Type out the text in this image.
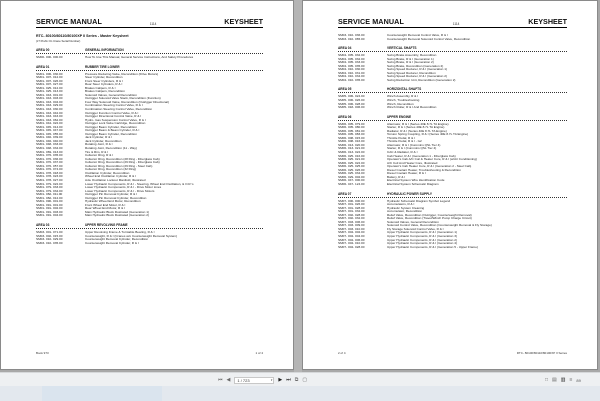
SERVICE MANUAL	1114	KEYSHEET
RTC- 80100/80110/80100XP II Series - Master Keysheet
(J7 Prefix On Crane Serial Number)
AREA 00	GENERAL INFORMATION
SM00- 000- 000.00	How To Use This Manual, General Service Instructions, And Safety Procedures
AREA 01	RUBBER TIRE LOWER
SM01- 006- 030.00	Pressure Reducing Valve, Recondition (Drive Motors)
SM01- 007- 012.00	Steer Cylinder, Recondition
SM01- 007- 026.00	Front Steer Cylinders, R & I
SM01- 007- 027.00	Rear Steer Cylinders, R & I
SM01- 025- 012.00	Brakes Calipers, R & I
SM01- 025- 013.00	Brakes Calipers, Recondition
SM01- 043- 001.00	Solenoid Valves, General Recondition
SM01- 043- 003.00	Outrigger Solenoid Valve Stack, Recondition (Function)
SM01- 043- 004.00	Four Way Solenoid Valve, Recondition (Outrigger Directional)
SM01- 043- 029.00	Combination Steering Control Valve, R & I
SM01- 043- 030.00	Combination Steering Control Valve, Recondition
SM01- 043- 042.00	Outrigger Function Control Valve, R & I
SM01- 043- 043.00	Outrigger Directional Control Valve, R & I
SM01- 043- 062.00	Hydro- Gas Suspension Control Valve, R & I
SM01- 044- 022.00	Outrigger Lock Valve Cartridge, Recondition
SM01- 045- 014.00	Outrigger Beam Cylinder, Recondition
SM01- 045- 047.00	Outrigger Beam & Beam Cylinder, R & I
SM01- 045- 055.00	Outrigger Beam Cylinder, Recondition
SM01- 046- 039.00	Jack Cylinder, R & I
SM01- 046- 040.00	Jack Cylinder, Recondition
SM01- 048- 033.00	Rotating Joint, R & I
SM01- 048- 034.00	Rotating Joint, Recondition (11 - Way)
SM01- 069- 013.00	Tire & Rim, R & I
SM01- 076- 035.00	Collector Ring, R & I
SM01- 076- 036.00	Collector Ring, Recondition (28 Ring - Fiberglass Cab)
SM01- 076- 037.00	Collector Ring, Recondition (29 Ring - Fiberglass Cab)
SM01- 076- 057.00	Collector Ring, Recondition (29 Ring - Steel Cab)
SM01- 076- 074.00	Collector Ring, Recondition (32 Ring)
SM01- 078- 018.00	Oscillation Cylinder, Recondition
SM01- 078- 023.00	Wheel End Oscillation Cylinder, R & I
SM01- 078- 027.00	Axle Oscillation Lockout Manifold, Illustrated
SM01- 079- 022.00	Lower Hydraulic Components, R & I - Steering, Wheel End Oscillation, & O.R.'s
SM01- 079- 033.00	Lower Hydraulic Components, R & I - Drive Motor Lines
SM01- 079- 034.00	Lower Hydraulic Components, R & I - Drive Motors
SM01- 082- 011.00	Outrigger Pin Removal Cylinder, R & I
SM01- 082- 012.00	Outrigger Pin Removal Cylinder, Recondition
SM01- 090- 001.00	Hydraulic Wheel End Motor, Recondition
SM01- 091- 001.00	Front Wheel End Motor, R & I
SM01- 091- 002.00	Rear Wheel End Motor, R & I
SM01- 091- 003.00	Main Hydraulic Block Illustrated (Generation 1)
SM01- 091- 004.00	Main Hydraulic Block Illustrated (Generation 2)
AREA 03	UPPER REVOLVING FRAME
SM03- 001- 071.00	Upper Revolving Frame & Turntable Bearing, R & I
SM03- 002- 015.00	Counterweight, R & I (Cranes w/o Counterweight Removal System)
SM03- 010- 029.00	Counterweight Removal Cylinder, Recondition
SM03- 010- 035.00	Counterweight Removal Cylinder, R & I
Book 973	1 of 4
SERVICE MANUAL	1114	KEYSHEET
SM03- 010- 036.00	Counterweight Removal Control Valve, R & I
SM03- 010- 065.00	Counterweight Removal Solenoid Control Valve, Recondition
AREA 04	VERTICAL SHAFTS
SM04- 005- 032.00	Swing Brake Assembly, Recondition
SM04- 005- 032.00	Swing Brake, R & I (Generation 1)
SM04- 005- 033.00	Swing Brake, R & I (Generation 2)
SM04- 005- 035.00	Swing Brake, Recondition (Generation 2)
SM04- 010- 030.00	Swing Speed Reducer, R & I (Generation 1)
SM04- 010- 031.00	Swing Speed Reducer, Recondition
SM04- 010- 034.00	Swing Speed Reducer, R & I (Generation 2)
SM04- 010- 035.00	Swing Reduction Unit, Recondition (Generation 2)
AREA 05	HORIZONTAL SHAFTS
SM05- 006- 024.00	Winch Assembly, R & I
SM05- 006- 026.00	Winch, Troubleshooting
SM05- 006- 028.00	Winch, Recondition
SM05- 018- 006.00	Winch Roller, R & I And Recondition
AREA 06	UPPER ENGINE
SM06- 005- 079.00	Alternator, R & I (Series 40E 8.7L TA Engine)
SM06- 005- 080.00	Starter, R & I (Series 40E 8.7L TA Engine)
SM06- 005- 081.00	Radiator, R & I (Series 40E 8.7L TA Engine)
SM06- 005- 083.00	Torsion Spring Coupling, R & I (Series 40E 8.7L TA Engine)
SM06- 008- 015.00	Throttle Pedal, R & I
SM06- 008- 016.00	Throttle Pedal, R & I - G2
SM06- 013- 020.00	Alternator, R & I (Cummins QSL Tier 4)
SM06- 013- 021.00	Starter, R & I (Cummins QSL Tier 4)
SM06- 013- 022.00	CAC & Radiator, R & I
SM06- 025- 016.00	Cab Heater, R & I (Generation 1 - Fiberglass Cab)
SM06- 025- 021.00	Operator's Cab A/C Coil & Heater Core, R & I (w/Air Conditioning)
SM06- 025- 022.00	A/C Coil And Heater Core, Illustrated
SM06- 025- 025.00	Operator's Cab Heater Core, R & I (Generation 2 - Steel Cab)
SM06- 025- 026.00	Diesel Coolant Heater, Troubleshooting & Recondition
SM06- 025- 034.00	Diesel Coolant Heater, R & I
SM06- 029- 002.00	Battery, R & I
SM06- 047- 000.00	Electrical System Wire Identification Code
SM06- 047- 124.00	Electrical System Schematic Diagram
AREA 07	HYDRAULIC POWER SUPPLY
SM07- 000- 000.00	Hydraulic Schematic Diagram Symbol Legend
SM07- 001- 026.00	Accumulators, R & I
SM07- 001- 028.00	Hydraulic System Cleaning
SM07- 001- 032.00	Accumulator, Recondition
SM07- 002- 028.00	Relief Valve, Recondition (Outrigger, Counterweight Removal)
SM07- 002- 032.00	Relief Valve, Recondition (Travel/Winch Pump Charge Circuit)
SM07- 003- 006.00	Solenoid Valves, General Recondition
SM07- 003- 009.00	Solenoid Control Valve, Recondition (Counterweight Removal & Fly Storage)
SM07- 003- 010.00	Fly Storage Solenoid Control Valve, R & I
SM07- 004- 002.00	Upper Hydraulic Components, R & I (Generation 1)
SM07- 004- 004.00	Upper Hydraulic Components, R & I (Generation 3)
SM07- 004- 006.00	Upper Hydraulic Components, R & I (Generation 2)
SM07- 004- 010.00	Upper Hydraulic Components, R & I (Generation 4)
SM07- 004- 028.00	Upper Hydraulic Components, R & I (Generation 5 - Upper Frame)
2 of 4	RTC- 80100/80110/80100XP II Series
⏮ ◀ 1 / 723	▾ ▶ ⏭ ⧉ ▢	□ ▤ ▥ ≡ 89
